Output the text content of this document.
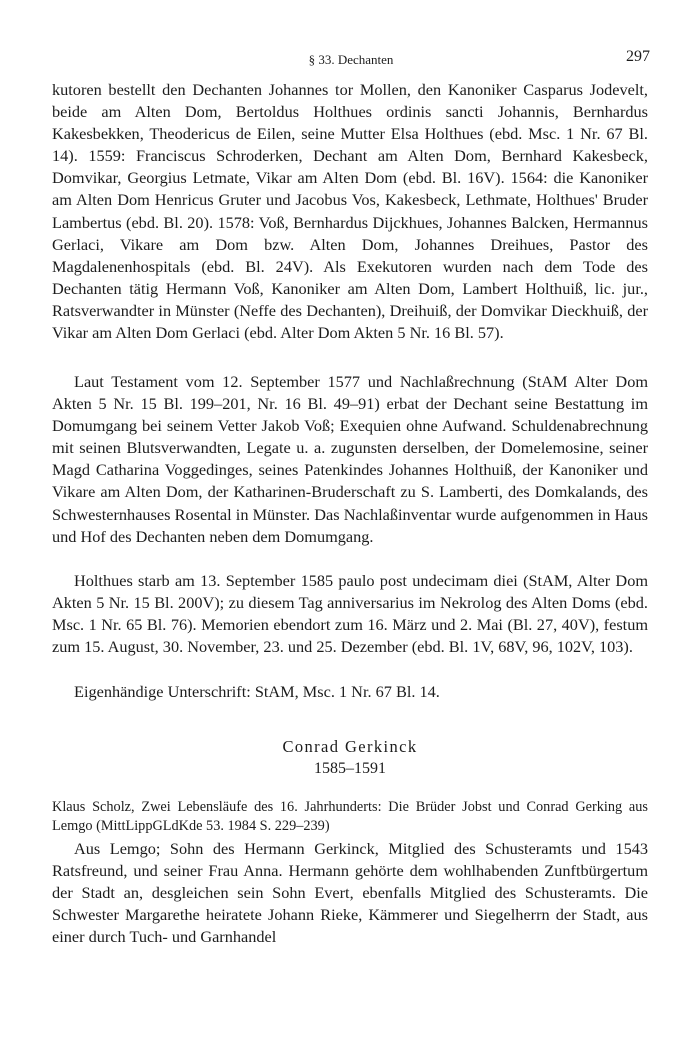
§ 33. Dechanten	297

kutoren bestellt den Dechanten Johannes tor Mollen, den Kanoniker Casparus Jodevelt, beide am Alten Dom, Bertoldus Holthues ordinis sancti Johannis, Bernhardus Kakesbekken, Theodericus de Eilen, seine Mutter Elsa Holthues (ebd. Msc. 1 Nr. 67 Bl. 14). 1559: Franciscus Schroderken, Dechant am Alten Dom, Bernhard Kakesbeck, Domvikar, Georgius Letmate, Vikar am Alten Dom (ebd. Bl. 16V). 1564: die Kanoniker am Alten Dom Henricus Gruter und Jacobus Vos, Kakesbeck, Lethmate, Holthues' Bruder Lambertus (ebd. Bl. 20). 1578: Voß, Bernhardus Dijckhues, Johannes Balcken, Hermannus Gerlaci, Vikare am Dom bzw. Alten Dom, Johannes Dreihues, Pastor des Magdalenenhospitals (ebd. Bl. 24V). Als Exekutoren wurden nach dem Tode des Dechanten tätig Hermann Voß, Kanoniker am Alten Dom, Lambert Holthuiß, lic. jur., Ratsverwandter in Münster (Neffe des Dechanten), Dreihuiß, der Domvikar Dieckhuiß, der Vikar am Alten Dom Gerlaci (ebd. Alter Dom Akten 5 Nr. 16 Bl. 57).

Laut Testament vom 12. September 1577 und Nachlaßrechnung (StAM Alter Dom Akten 5 Nr. 15 Bl. 199–201, Nr. 16 Bl. 49–91) erbat der Dechant seine Bestattung im Domumgang bei seinem Vetter Jakob Voß; Exequien ohne Aufwand. Schuldenabrechnung mit seinen Blutsverwandten, Legate u. a. zugunsten derselben, der Domelemosine, seiner Magd Catharina Voggedinges, seines Patenkindes Johannes Holthuiß, der Kanoniker und Vikare am Alten Dom, der Katharinen-Bruderschaft zu S. Lamberti, des Domkalands, des Schwesternhauses Rosental in Münster. Das Nachlaßinventar wurde aufgenommen in Haus und Hof des Dechanten neben dem Domumgang.

Holthues starb am 13. September 1585 paulo post undecimam diei (StAM, Alter Dom Akten 5 Nr. 15 Bl. 200V); zu diesem Tag anniversarius im Nekrolog des Alten Doms (ebd. Msc. 1 Nr. 65 Bl. 76). Memorien ebendort zum 16. März und 2. Mai (Bl. 27, 40V), festum zum 15. August, 30. November, 23. und 25. Dezember (ebd. Bl. 1V, 68V, 96, 102V, 103).

Eigenhändige Unterschrift: StAM, Msc. 1 Nr. 67 Bl. 14.

Conrad Gerkinck
1585–1591

Klaus Scholz, Zwei Lebensläufe des 16. Jahrhunderts: Die Brüder Jobst und Conrad Gerking aus Lemgo (MittLippGLdKde 53. 1984 S. 229–239)

Aus Lemgo; Sohn des Hermann Gerkinck, Mitglied des Schusteramts und 1543 Ratsfreund, und seiner Frau Anna. Hermann gehörte dem wohlhabenden Zunftbürgertum der Stadt an, desgleichen sein Sohn Evert, ebenfalls Mitglied des Schusteramts. Die Schwester Margarethe heiratete Johann Rieke, Kämmerer und Siegelherrn der Stadt, aus einer durch Tuch- und Garnhandel
